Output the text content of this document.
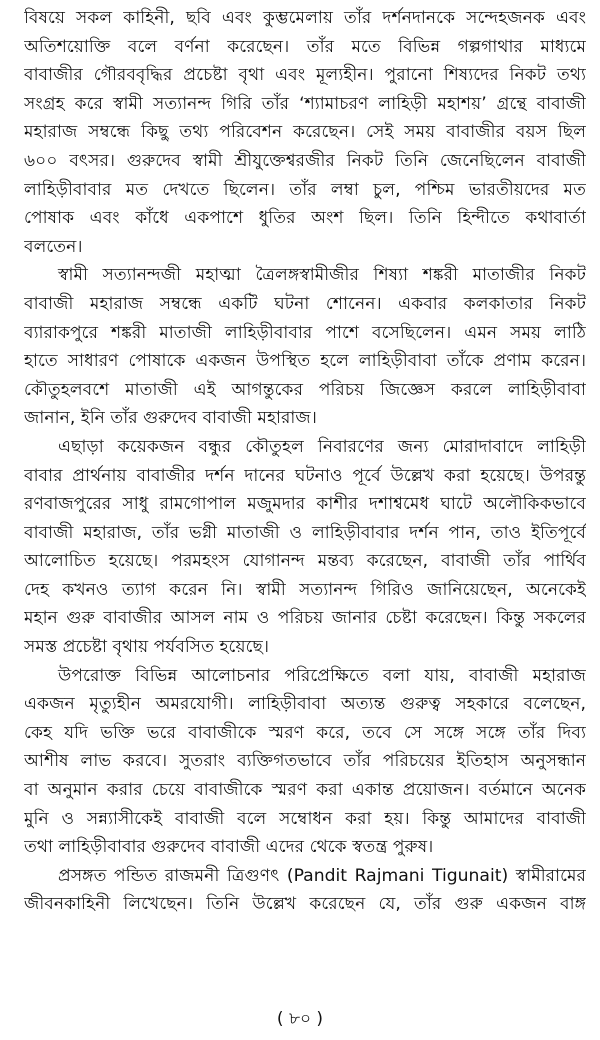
বিষয়ে সকল কাহিনী, ছবি এবং কুম্ভমেলায় তাঁর দর্শনদানকে সন্দেহজনক এবং
অতিশয়োক্তি বলে বর্ণনা করেছেন। তাঁর মতে বিভিন্ন গল্পগাথার মাধ্যমে
বাবাজীর গৌরববৃদ্ধির প্রচেষ্টা বৃথা এবং মূল্যহীন। পুরানো শিষ্যদের নিকট তথ্য
সংগ্রহ করে স্বামী সত্যানন্দ গিরি তাঁর ‘শ্যামাচরণ লাহিড়ী মহাশয়’ গ্রন্থে বাবাজী
মহারাজ সম্বন্ধে কিছু তথ্য পরিবেশন করেছেন। সেই সময় বাবাজীর বয়স ছিল
৬০০ বৎসর। গুরুদেব স্বামী শ্রীযুক্তেশ্বরজীর নিকট তিনি জেনেছিলেন বাবাজী
লাহিড়ীবাবার মত দেখতে ছিলেন। তাঁর লম্বা চুল, পশ্চিম ভারতীয়দের মত
পোষাক এবং কাঁধে একপাশে ধুতির অংশ ছিল। তিনি হিন্দীতে কথাবার্তা
বলতেন।
স্বামী সত্যানন্দজী মহাত্মা ত্রৈলঙ্গস্বামীজীর শিষ্যা শঙ্করী মাতাজীর নিকট
বাবাজী মহারাজ সম্বন্ধে একটি ঘটনা শোনেন। একবার কলকাতার নিকট
ব্যারাকপুরে শঙ্করী মাতাজী লাহিড়ীবাবার পাশে বসেছিলেন। এমন সময় লাঠি
হাতে সাধারণ পোষাকে একজন উপস্থিত হলে লাহিড়ীবাবা তাঁকে প্রণাম করেন।
কৌতুহলবশে মাতাজী এই আগন্তুকের পরিচয় জিজ্ঞেস করলে লাহিড়ীবাবা
জানান, ইনি তাঁর গুরুদেব বাবাজী মহারাজ।
এছাড়া কয়েকজন বন্ধুর কৌতুহল নিবারণের জন্য মোরাদাবাদে লাহিড়ী
বাবার প্রার্থনায় বাবাজীর দর্শন দানের ঘটনাও পূর্বে উল্লেখ করা হয়েছে। উপরন্তু
রণবাজপুরের সাধু রামগোপাল মজুমদার কাশীর দশাশ্বমেধ ঘাটে অলৌকিকভাবে
বাবাজী মহারাজ, তাঁর ভগ্নী মাতাজী ও লাহিড়ীবাবার দর্শন পান, তাও ইতিপূর্বে
আলোচিত হয়েছে। পরমহংস যোগানন্দ মন্তব্য করেছেন, বাবাজী তাঁর পার্থিব
দেহ কখনও ত্যাগ করেন নি। স্বামী সত্যানন্দ গিরিও জানিয়েছেন, অনেকেই
মহান গুরু বাবাজীর আসল নাম ও পরিচয় জানার চেষ্টা করেছেন। কিন্তু সকলের
সমস্ত প্রচেষ্টা বৃথায় পর্যবসিত হয়েছে।
উপরোক্ত বিভিন্ন আলোচনার পরিপ্রেক্ষিতে বলা যায়, বাবাজী মহারাজ
একজন মৃত্যুহীন অমরযোগী। লাহিড়ীবাবা অত্যন্ত গুরুত্ব সহকারে বলেছেন,
কেহ যদি ভক্তি ভরে বাবাজীকে স্মরণ করে, তবে সে সঙ্গে সঙ্গে তাঁর দিব্য
আশীষ লাভ করবে। সুতরাং ব্যক্তিগতভাবে তাঁর পরিচয়ের ইতিহাস অনুসন্ধান
বা অনুমান করার চেয়ে বাবাজীকে স্মরণ করা একান্ত প্রয়োজন। বর্তমানে অনেক
মুনি ও সন্ন্যাসীকেই বাবাজী বলে সম্বোধন করা হয়। কিন্তু আমাদের বাবাজী
তথা লাহিড়ীবাবার গুরুদেব বাবাজী এদের থেকে স্বতন্ত্র পুরুষ।
প্রসঙ্গত পন্ডিত রাজমনী ত্রিগুণৎ (Pandit Rajmani Tigunait) স্বামীরামের
জীবনকাহিনী লিখেছেন। তিনি উল্লেখ করেছেন যে, তাঁর গুরু একজন বাঙ্গ
( ৮০ )
